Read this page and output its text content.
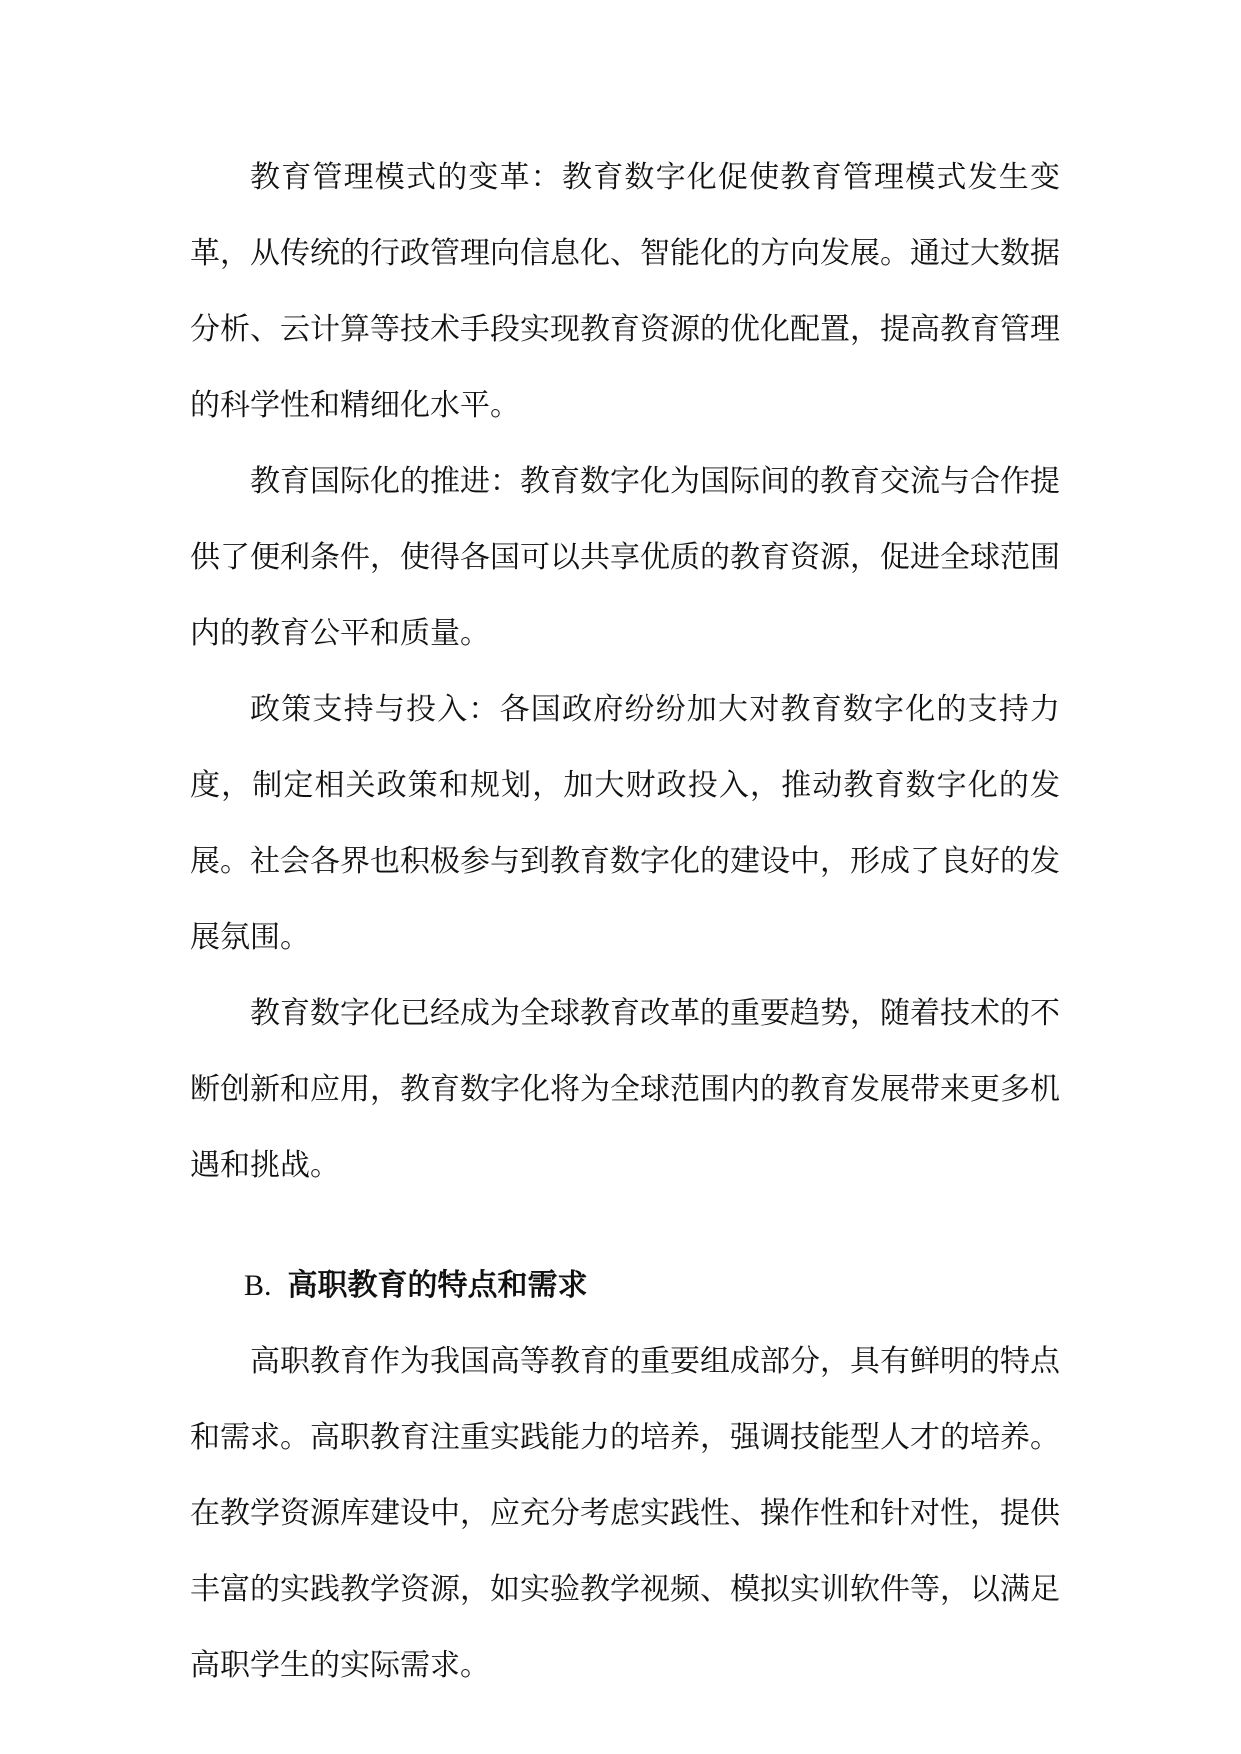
教育管理模式的变革：教育数字化促使教育管理模式发生变革，从传统的行政管理向信息化、智能化的方向发展。通过大数据分析、云计算等技术手段实现教育资源的优化配置，提高教育管理的科学性和精细化水平。

教育国际化的推进：教育数字化为国际间的教育交流与合作提供了便利条件，使得各国可以共享优质的教育资源，促进全球范围内的教育公平和质量。

政策支持与投入：各国政府纷纷加大对教育数字化的支持力度，制定相关政策和规划，加大财政投入，推动教育数字化的发展。社会各界也积极参与到教育数字化的建设中，形成了良好的发展氛围。

教育数字化已经成为全球教育改革的重要趋势，随着技术的不断创新和应用，教育数字化将为全球范围内的教育发展带来更多机遇和挑战。

B. 高职教育的特点和需求

高职教育作为我国高等教育的重要组成部分，具有鲜明的特点和需求。高职教育注重实践能力的培养，强调技能型人才的培养。在教学资源库建设中，应充分考虑实践性、操作性和针对性，提供丰富的实践教学资源，如实验教学视频、模拟实训软件等，以满足高职学生的实际需求。
